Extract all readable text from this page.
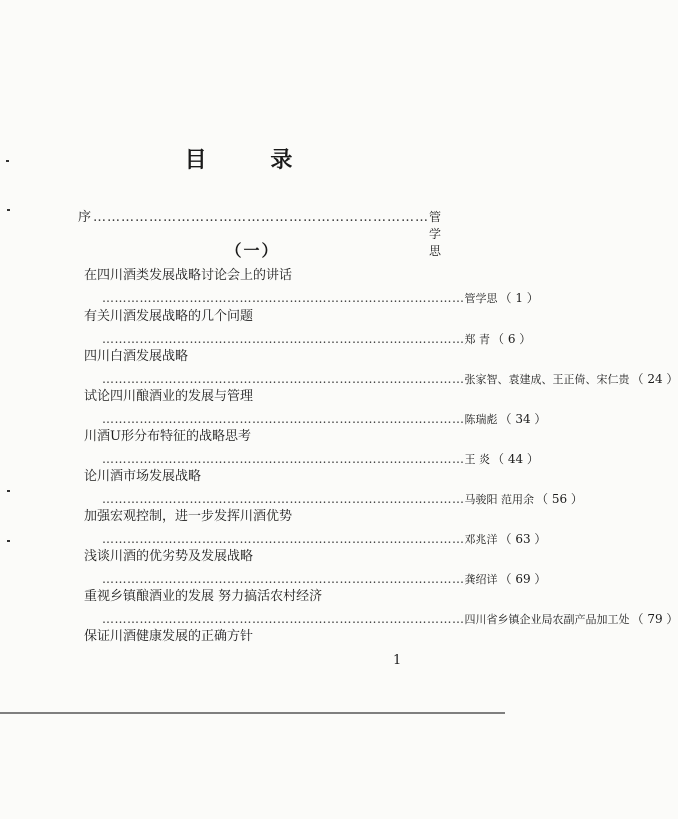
目 录
序 ……………………………………………………………… 管学思
（一）
在四川酒类发展战略讨论会上的讲话
…………………………………………………………………………… 管学思 （ 1 ）
有关川酒发展战略的几个问题
…………………………………………………………………………… 郑 青 （ 6 ）
四川白酒发展战略
…………………………………………………………………………… 张家智、袁建成、王正倚、宋仁贵 （ 24 ）
试论四川酿酒业的发展与管理
…………………………………………………………………………… 陈瑞彪 （ 34 ）
川酒U形分布特征的战略思考
…………………………………………………………………………… 王 炎 （ 44 ）
论川酒市场发展战略
…………………………………………………………………………… 马骏阳 范用余 （ 56 ）
加强宏观控制，进一步发挥川酒优势
…………………………………………………………………………… 邓兆洋 （ 63 ）
浅谈川酒的优劣势及发展战略
…………………………………………………………………………… 龚绍详 （ 69 ）
重视乡镇酿酒业的发展 努力搞活农村经济
…………………………………………………………………………… 四川省乡镇企业局农副产品加工处 （ 79 ）
保证川酒健康发展的正确方针
1
